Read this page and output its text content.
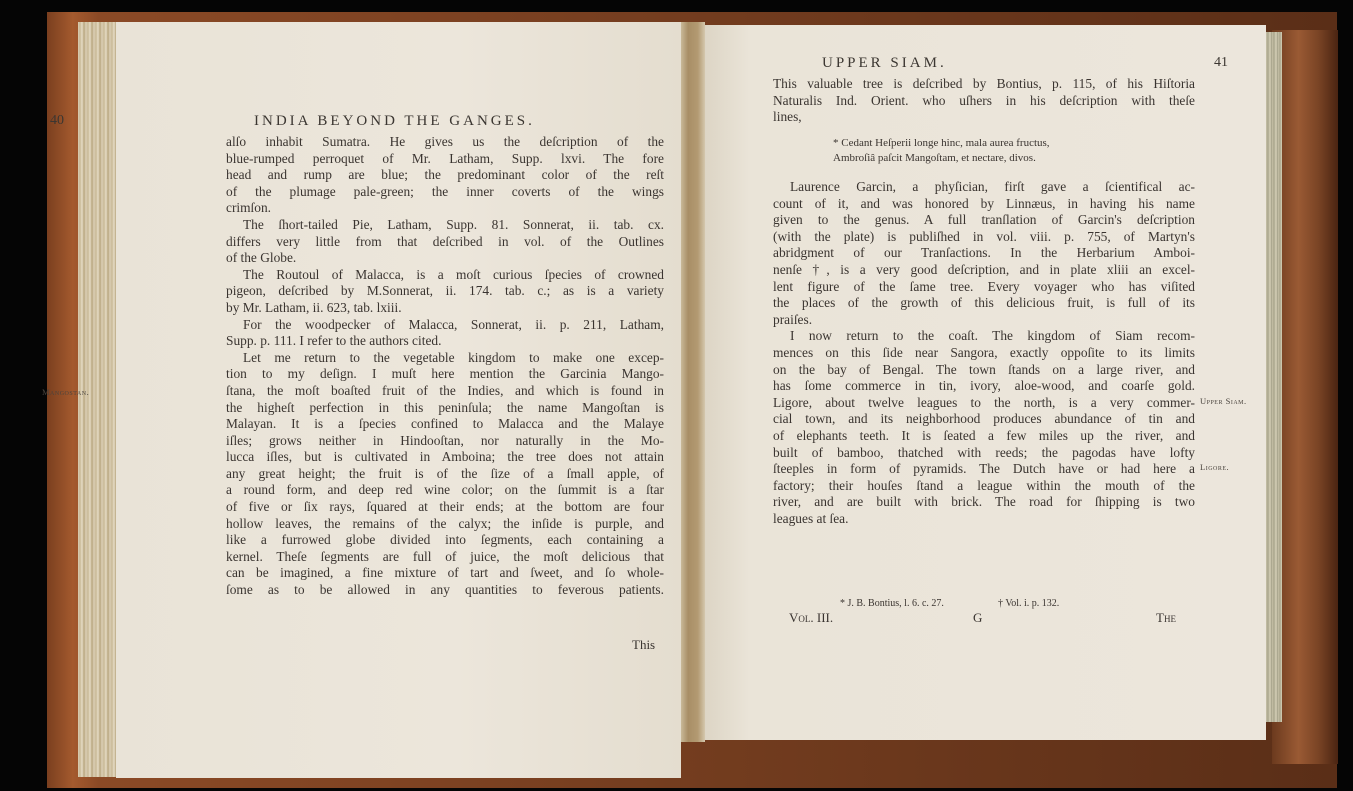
40	INDIA BEYOND THE GANGES.
Mangostan.
alſo inhabit Sumatra. He gives us the deſcription of the
blue-rumped perroquet of Mr. Latham, Supp. lxvi. The fore
head and rump are blue; the predominant color of the reſt
of the plumage pale-green; the inner coverts of the wings
crimſon.
The ſhort-tailed Pie, Latham, Supp. 81. Sonnerat, ii. tab. cx.
differs very little from that deſcribed in vol. of the Outlines
of the Globe.
The Routoul of Malacca, is a moſt curious ſpecies of crowned
pigeon, deſcribed by M.Sonnerat, ii. 174. tab. c.; as is a variety
by Mr. Latham, ii. 623, tab. lxiii.
For the woodpecker of Malacca, Sonnerat, ii. p. 211, Latham,
Supp. p. 111. I refer to the authors cited.
Let me return to the vegetable kingdom to make one excep-
tion to my deſign. I muſt here mention the Garcinia Mango-
ſtana, the moſt boaſted fruit of the Indies, and which is found in
the higheſt perfection in this peninſula; the name Mangoſtan is
Malayan. It is a ſpecies confined to Malacca and the Malaye
iſles; grows neither in Hindooſtan, nor naturally in the Mo-
lucca iſles, but is cultivated in Amboina; the tree does not attain
any great height; the fruit is of the ſize of a ſmall apple, of
a round form, and deep red wine color; on the ſummit is a ſtar
of five or ſix rays, ſquared at their ends; at the bottom are four
hollow leaves, the remains of the calyx; the inſide is purple, and
like a furrowed globe divided into ſegments, each containing a
kernel. Theſe ſegments are full of juice, the moſt delicious that
can be imagined, a fine mixture of tart and ſweet, and ſo whole-
ſome as to be allowed in any quantities to feverous patients.
This
UPPER SIAM.	41
This valuable tree is deſcribed by Bontius, p. 115, of his Hiſtoria
Naturalis Ind. Orient. who uſhers in his deſcription with theſe
lines,
* Cedant Heſperii longe hinc, mala aurea fructus,
Ambroſiâ paſcit Mangoſtam, et nectare, divos.
Laurence Garcin, a phyſician, firſt gave a ſcientifical ac-
count of it, and was honored by Linnæus, in having his name
given to the genus. A full tranſlation of Garcin's deſcription
(with the plate) is publiſhed in vol. viii. p. 755, of Martyn's
abridgment of our Tranſactions. In the Herbarium Amboi-
nenſe †, is a very good deſcription, and in plate xliii an excel-
lent figure of the ſame tree. Every voyager who has viſited
the places of the growth of this delicious fruit, is full of its
praiſes.
I now return to the coaſt. The kingdom of Siam recom-
mences on this ſide near Sangora, exactly oppoſite to its limits
on the bay of Bengal. The town ſtands on a large river, and
has ſome commerce in tin, ivory, aloe-wood, and coarſe gold.
Ligore, about twelve leagues to the north, is a very commer-
cial town, and its neighborhood produces abundance of tin and
of elephants teeth. It is ſeated a few miles up the river, and
built of bamboo, thatched with reeds; the pagodas have lofty
ſteeples in form of pyramids. The Dutch have or had here a
factory; their houſes ſtand a league within the mouth of the
river, and are built with brick. The road for ſhipping is two
leagues at ſea.
Upper Siam.
Ligore.
* J. B. Bontius, l. 6. c. 27.	† Vol. i. p. 132.
Vol. III.	G	The
